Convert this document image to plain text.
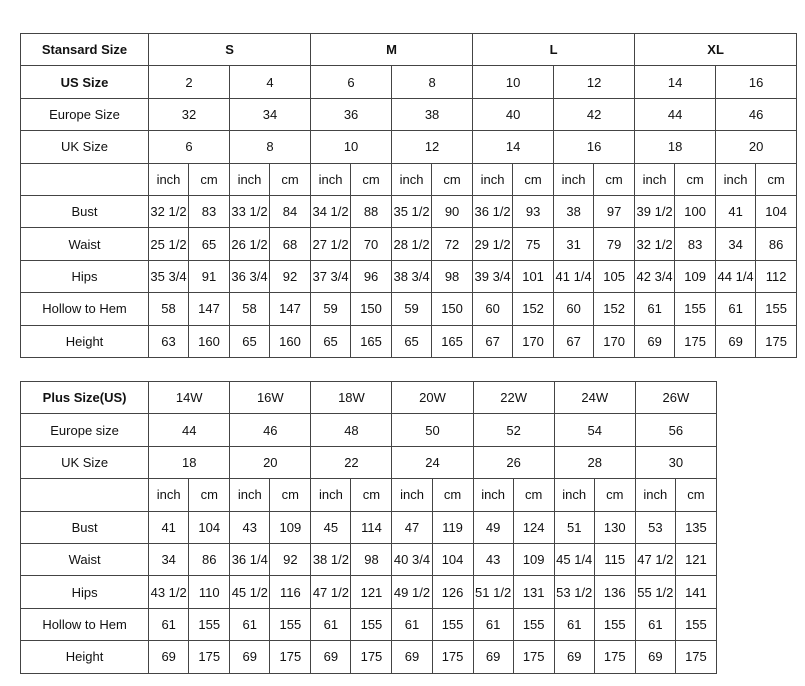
Stansard Size	S				M				L				XL			
US Size	2		4		6		8		10		12		14		16	
Europe Size	32		34		36		38		40		42		44		46	
UK Size	6		8		10		12		14		16		18		20	
	inch	cm	inch	cm	inch	cm	inch	cm	inch	cm	inch	cm	inch	cm	inch	cm
Bust	32 1/2	83	33 1/2	84	34 1/2	88	35 1/2	90	36 1/2	93	38	97	39 1/2	100	41	104
Waist	25 1/2	65	26 1/2	68	27 1/2	70	28 1/2	72	29 1/2	75	31	79	32 1/2	83	34	86
Hips	35 3/4	91	36 3/4	92	37 3/4	96	38 3/4	98	39 3/4	101	41 1/4	105	42 3/4	109	44 1/4	112
Hollow to Hem	58	147	58	147	59	150	59	150	60	152	60	152	61	155	61	155
Height	63	160	65	160	65	165	65	165	67	170	67	170	69	175	69	175
Plus Size(US)	14W		16W		18W		20W		22W		24W		26W	
Europe size	44		46		48		50		52		54		56	
UK Size	18		20		22		24		26		28		30	
	inch	cm	inch	cm	inch	cm	inch	cm	inch	cm	inch	cm	inch	cm
Bust	41	104	43	109	45	114	47	119	49	124	51	130	53	135
Waist	34	86	36 1/4	92	38 1/2	98	40 3/4	104	43	109	45 1/4	115	47 1/2	121
Hips	43 1/2	110	45 1/2	116	47 1/2	121	49 1/2	126	51 1/2	131	53 1/2	136	55 1/2	141
Hollow to Hem	61	155	61	155	61	155	61	155	61	155	61	155	61	155
Height	69	175	69	175	69	175	69	175	69	175	69	175	69	175
